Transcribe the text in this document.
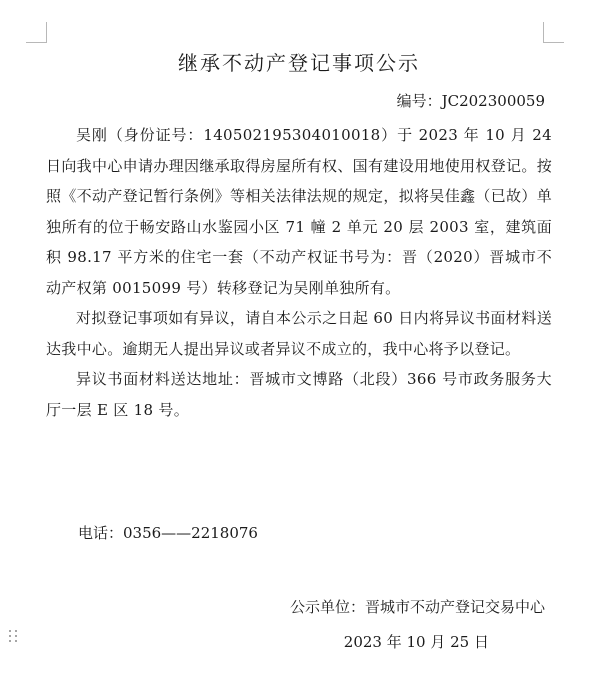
继承不动产登记事项公示
编号：JC202300059

吴刚（身份证号：140502195304010018）于 2023 年 10 月 24 日向我中心申请办理因继承取得房屋所有权、国有建设用地使用权登记。按照《不动产登记暂行条例》等相关法律法规的规定，拟将吴佳鑫（已故）单独所有的位于畅安路山水鉴园小区 71 幢 2 单元 20 层 2003 室，建筑面积 98.17 平方米的住宅一套（不动产权证书号为：晋（2020）晋城市不动产权第 0015099 号）转移登记为吴刚单独所有。

对拟登记事项如有异议，请自本公示之日起 60 日内将异议书面材料送达我中心。逾期无人提出异议或者异议不成立的，我中心将予以登记。

异议书面材料送达地址：晋城市文博路（北段）366 号市政务服务大厅一层 E 区 18 号。

电话：0356——2218076
公示单位：晋城市不动产登记交易中心
2023 年 10 月 25 日
